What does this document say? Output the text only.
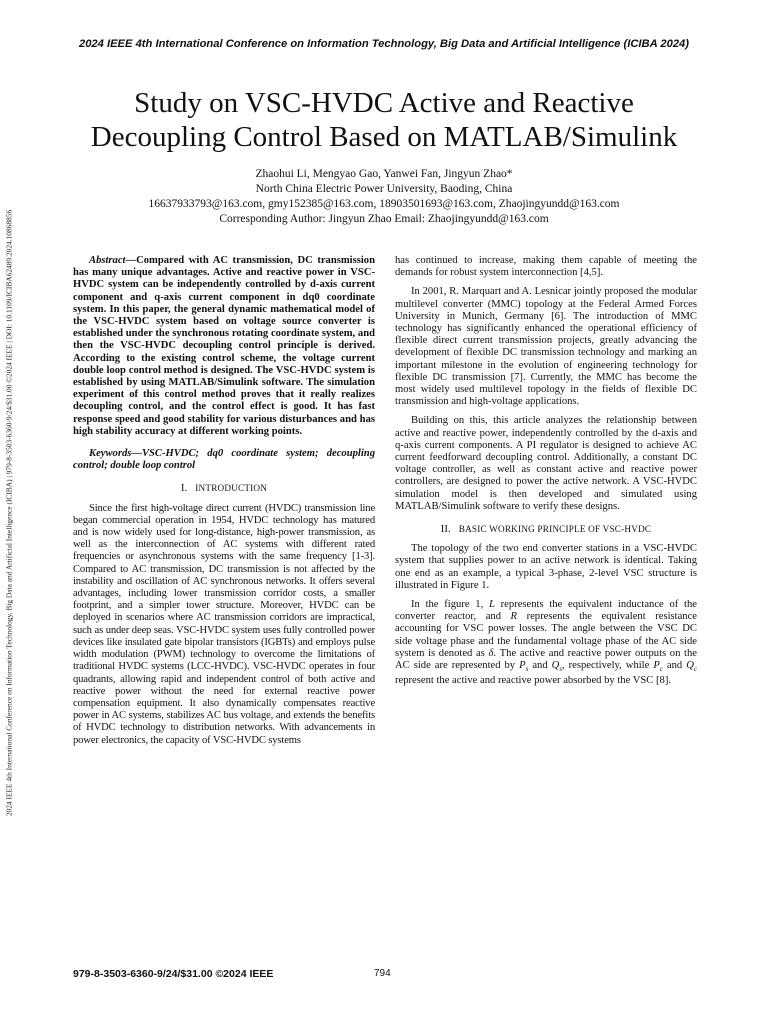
2024 IEEE 4th International Conference on Information Technology, Big Data and Artificial Intelligence (ICIBA 2024)
2024 IEEE 4th International Conference on Information Technology, Big Data and Artificial Intelligence (ICIBA) | 979-8-3503-6360-9/24/$31.00 ©2024 IEEE | DOI: 10.1109/ICIBA62489.2024.10868856
Study on VSC-HVDC Active and Reactive
Decoupling Control Based on MATLAB/Simulink
Zhaohui Li, Mengyao Gao, Yanwei Fan, Jingyun Zhao*
North China Electric Power University, Baoding, China
16637933793@163.com, gmy152385@163.com, 18903501693@163.com, Zhaojingyundd@163.com
Corresponding Author: Jingyun Zhao Email: Zhaojingyundd@163.com

Abstract—Compared with AC transmission, DC transmission has many unique advantages. Active and reactive power in VSC-HVDC system can be independently controlled by d-axis current component and q-axis current component in dq0 coordinate system. In this paper, the general dynamic mathematical model of the VSC-HVDC system based on voltage source converter is established under the synchronous rotating coordinate system, and then the VSC-HVDC decoupling control principle is derived. According to the existing control scheme, the voltage current double loop control method is designed. The VSC-HVDC system is established by using MATLAB/Simulink software. The simulation experiment of this control method proves that it really realizes decoupling control, and the control effect is good. It has fast response speed and good stability for various disturbances and has high stability accuracy at different working points.

Keywords—VSC-HVDC; dq0 coordinate system; decoupling control; double loop control

I. INTRODUCTION

Since the first high-voltage direct current (HVDC) transmission line began commercial operation in 1954, HVDC technology has matured and is now widely used for long-distance, high-power transmission, as well as the interconnection of AC systems with different rated frequencies or asynchronous systems with the same frequency [1-3]. Compared to AC transmission, DC transmission is not affected by the instability and oscillation of AC synchronous networks. It offers several advantages, including lower transmission corridor costs, a smaller footprint, and a simpler tower structure. Moreover, HVDC can be deployed in scenarios where AC transmission corridors are impractical, such as under deep seas. VSC-HVDC system uses fully controlled power devices like insulated gate bipolar transistors (IGBTs) and employs pulse width modulation (PWM) technology to overcome the limitations of traditional HVDC systems (LCC-HVDC). VSC-HVDC operates in four quadrants, allowing rapid and independent control of both active and reactive power without the need for external reactive power compensation equipment. It also dynamically compensates reactive power in AC systems, stabilizes AC bus voltage, and extends the benefits of HVDC technology to distribution networks. With advancements in power electronics, the capacity of VSC-HVDC systems

has continued to increase, making them capable of meeting the demands for robust system interconnection [4,5].

In 2001, R. Marquart and A. Lesnicar jointly proposed the modular multilevel converter (MMC) topology at the Federal Armed Forces University in Munich, Germany [6]. The introduction of MMC technology has significantly enhanced the operational efficiency of flexible direct current transmission projects, greatly advancing the development of flexible DC transmission technology and marking an important milestone in the evolution of engineering technology for flexible DC transmission [7]. Currently, the MMC has become the most widely used multilevel topology in the fields of flexible DC transmission and high-voltage applications.

Building on this, this article analyzes the relationship between active and reactive power, independently controlled by the d-axis and q-axis current components. A PI regulator is designed to achieve AC current feedforward decoupling control. Additionally, a constant DC voltage controller, as well as constant active and reactive power controllers, are designed to power the active network. A VSC-HVDC simulation model is then developed and simulated using MATLAB/Simulink software to verify these designs.

II. BASIC WORKING PRINCIPLE OF VSC-HVDC

The topology of the two end converter stations in a VSC-HVDC system that supplies power to an active network is identical. Taking one end as an example, a typical 3-phase, 2-level VSC structure is illustrated in Figure 1.

In the figure 1, L represents the equivalent inductance of the converter reactor, and R represents the equivalent resistance accounting for VSC power losses. The angle between the VSC DC side voltage phase and the fundamental voltage phase of the AC side system is denoted as δ. The active and reactive power outputs on the AC side are represented by $P_s$ and $Q_s$, respectively, while $P_c$ and $Q_c$ represent the active and reactive power absorbed by the VSC [8].

979-8-3503-6360-9/24/$31.00 ©2024 IEEE	794
